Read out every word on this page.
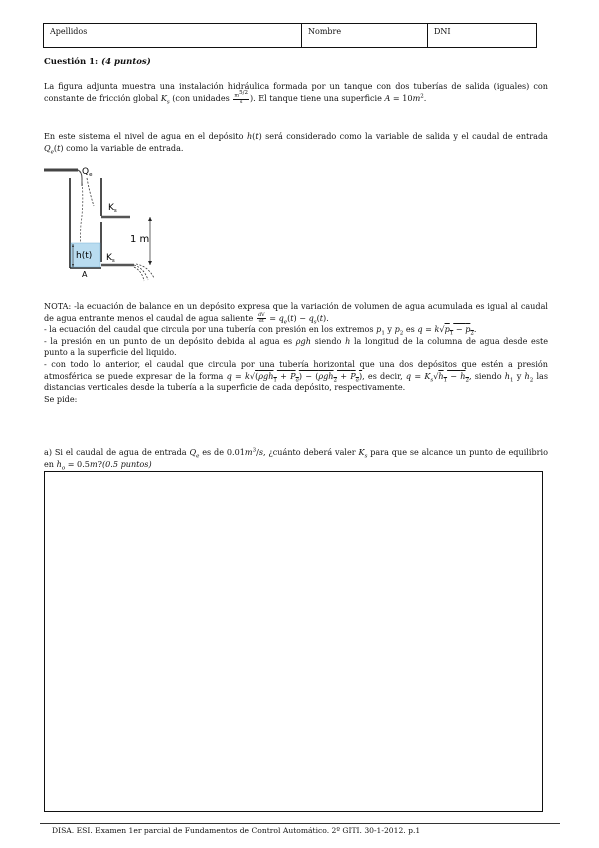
Apellidos	Nombre	DNI
Cuestión 1: (4 puntos)
La figura adjunta muestra una instalación hidráulica formada por un tanque con dos tuberías de salida (iguales) con constante de fricción global $K_s$ (con unidades $\frac{m^{5/2}}{s}$ ). El tanque tiene una superficie $A = 10m^2$.
En este sistema el nivel de agua en el depósito h(t) será considerado como la variable de salida y el caudal de entrada $Q_e(t)$ como la variable de entrada.
$Q_e$
$K_s$
$K_s$
1 m
h(t)
A
NOTA: -la ecuación de balance en un depósito expresa que la variación de volumen de agua acumulada es igual al caudal de agua entrante menos el caudal de agua saliente $\frac{dV}{dt} = q_e(t) - q_s(t)$.
- la ecuación del caudal que circula por una tubería con presión en los extremos $p_1$ y $p_2$ es $q = k√p_1 - p_2$.
- la presión en un punto de un depósito debida al agua es ρgh siendo h la longitud de la columna de agua desde este punto a la superficie del liquido.
- con todo lo anterior, el caudal que circula por una tubería horizontal que una dos depósitos que estén a presión atmosférica se puede expresar de la forma $q = k√(\rho gh_1 + P_a) - (\rho gh_2 + P_a)$, es decir, $q = K_s√h_1 - h_2$, siendo $h_1$ y $h_2$ las distancias verticales desde la tubería a la superficie de cada depósito, respectivamente.
Se pide:
a) Si el caudal de agua de entrada $Q_e$ es de $0.01m^3/s$, ¿cuánto deberá valer $K_s$ para que se alcance un punto de equilibrio en $h_o$ = 0.5m?(0.5 puntos)
DISA. ESI. Examen 1er parcial de Fundamentos de Control Automático. 2º GITI. 30-1-2012. p.1
